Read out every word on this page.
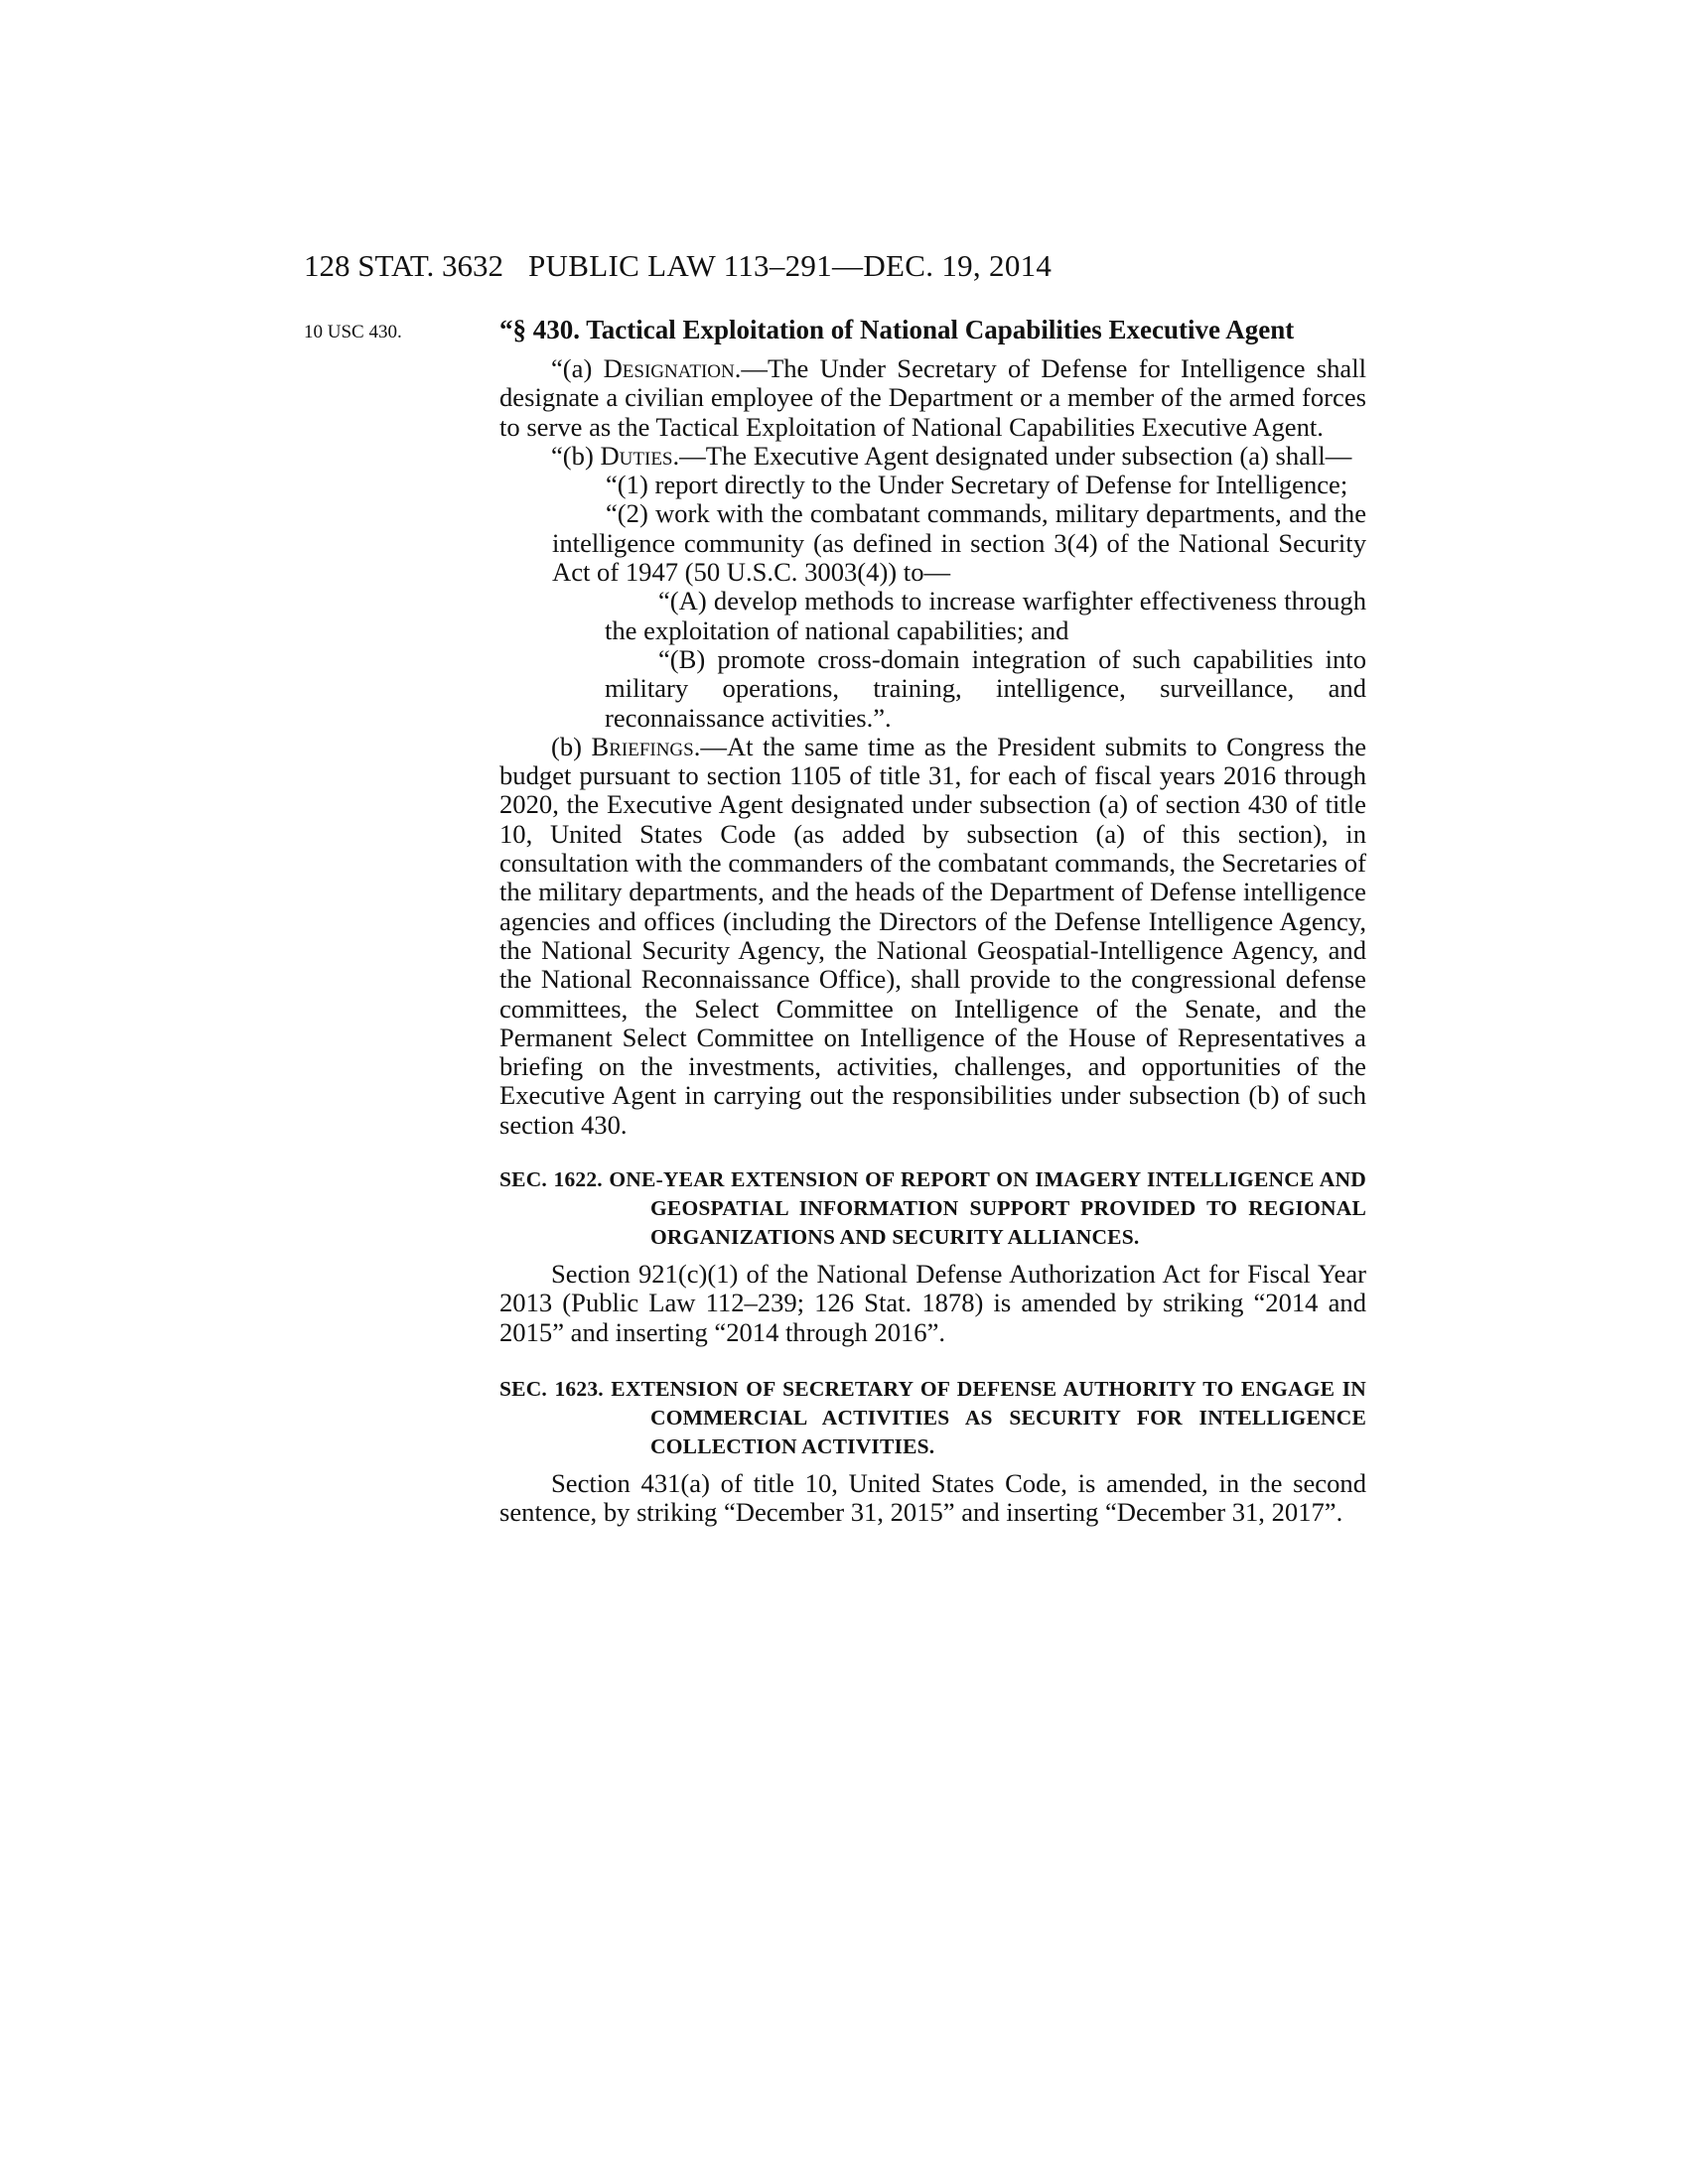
128 STAT. 3632 PUBLIC LAW 113–291—DEC. 19, 2014
10 USC 430.	“§ 430. Tactical Exploitation of National Capabilities Executive Agent

“(a) Designation.—The Under Secretary of Defense for Intelligence shall designate a civilian employee of the Department or a member of the armed forces to serve as the Tactical Exploitation of National Capabilities Executive Agent.

“(b) Duties.—The Executive Agent designated under subsection (a) shall—

“(1) report directly to the Under Secretary of Defense for Intelligence;

“(2) work with the combatant commands, military departments, and the intelligence community (as defined in section 3(4) of the National Security Act of 1947 (50 U.S.C. 3003(4)) to—

“(A) develop methods to increase warfighter effectiveness through the exploitation of national capabilities; and

“(B) promote cross-domain integration of such capabilities into military operations, training, intelligence, surveillance, and reconnaissance activities.”.

(b) Briefings.—At the same time as the President submits to Congress the budget pursuant to section 1105 of title 31, for each of fiscal years 2016 through 2020, the Executive Agent designated under subsection (a) of section 430 of title 10, United States Code (as added by subsection (a) of this section), in consultation with the commanders of the combatant commands, the Secretaries of the military departments, and the heads of the Department of Defense intelligence agencies and offices (including the Directors of the Defense Intelligence Agency, the National Security Agency, the National Geospatial-Intelligence Agency, and the National Reconnaissance Office), shall provide to the congressional defense committees, the Select Committee on Intelligence of the Senate, and the Permanent Select Committee on Intelligence of the House of Representatives a briefing on the investments, activities, challenges, and opportunities of the Executive Agent in carrying out the responsibilities under subsection (b) of such section 430.

SEC. 1622. ONE-YEAR EXTENSION OF REPORT ON IMAGERY INTELLIGENCE AND GEOSPATIAL INFORMATION SUPPORT PROVIDED TO REGIONAL ORGANIZATIONS AND SECURITY ALLIANCES.

Section 921(c)(1) of the National Defense Authorization Act for Fiscal Year 2013 (Public Law 112–239; 126 Stat. 1878) is amended by striking “2014 and 2015” and inserting “2014 through 2016”.

SEC. 1623. EXTENSION OF SECRETARY OF DEFENSE AUTHORITY TO ENGAGE IN COMMERCIAL ACTIVITIES AS SECURITY FOR INTELLIGENCE COLLECTION ACTIVITIES.

Section 431(a) of title 10, United States Code, is amended, in the second sentence, by striking “December 31, 2015” and inserting “December 31, 2017”.
